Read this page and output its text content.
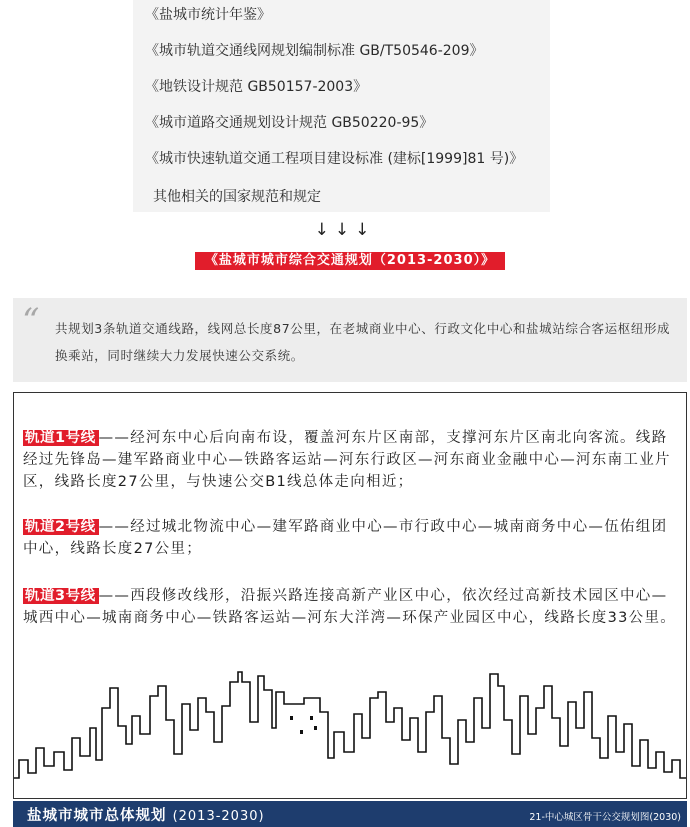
《盐城市统计年鉴》
《城市轨道交通线网规划编制标准 GB/T50546-209》
《地铁设计规范 GB50157-2003》
《城市道路交通规划设计规范 GB50220-95》
《城市快速轨道交通工程项目建设标准 (建标[1999]81 号)》
其他相关的国家规范和规定
↓↓↓
《盐城市城市综合交通规划（2013-2030）》
“ 共规划3条轨道交通线路，线网总长度87公里，在老城商业中心、行政文化中心和盐城站综合客运枢纽形成换乘站，同时继续大力发展快速公交系统。
轨道1号线 ——经河东中心后向南布设，覆盖河东片区南部，支撑河东片区南北向客流。线路经过先锋岛—建军路商业中心—铁路客运站—河东行政区—河东商业金融中心—河东南工业片区，线路长度27公里，与快速公交B1线总体走向相近；
轨道2号线 ——经过城北物流中心—建军路商业中心—市行政中心—城南商务中心—伍佑组团中心，线路长度27公里；
轨道3号线 ——西段修改线形，沿振兴路连接高新产业区中心，依次经过高新技术园区中心—城西中心—城南商务中心—铁路客运站—河东大洋湾—环保产业园区中心，线路长度33公里。
盐城市城市总体规划 (2013-2030)	21-中心城区骨干公交规划图(2030)
